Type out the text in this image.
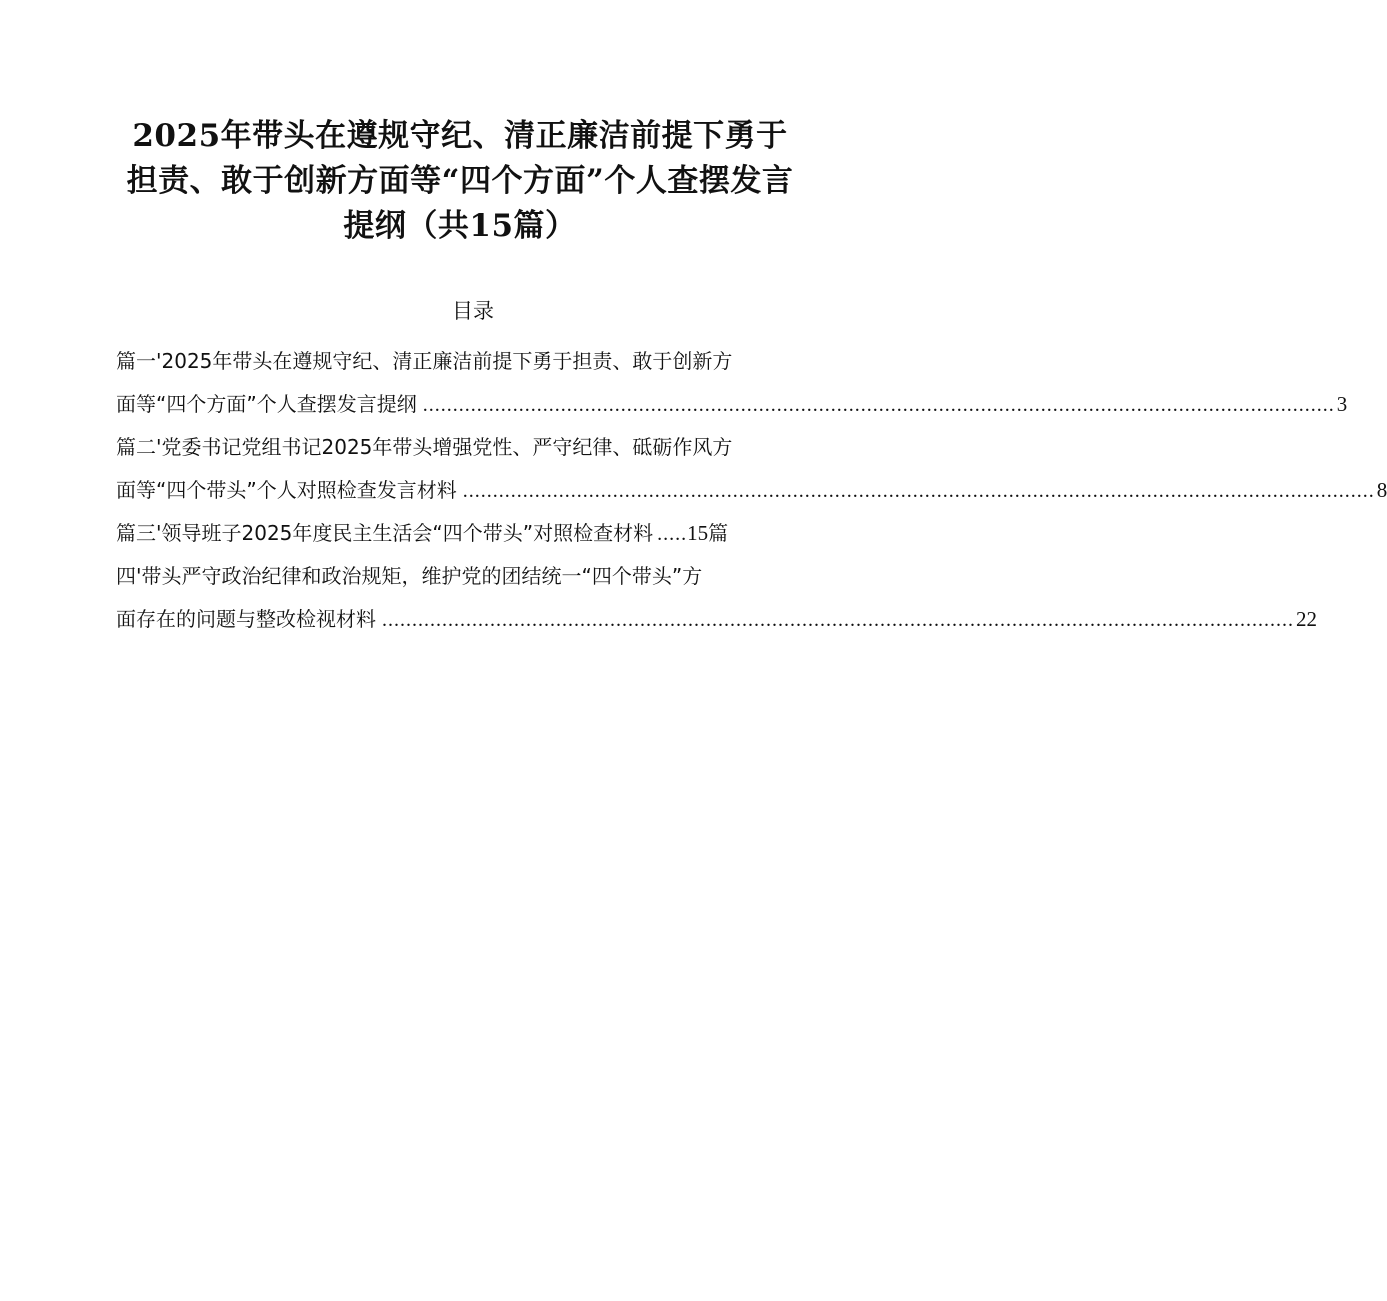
2025年带头在遵规守纪、清正廉洁前提下勇于
担责、敢于创新方面等“四个方面”个人查摆发言
提纲（共15篇）
目录
篇一'2025年带头在遵规守纪、清正廉洁前提下勇于担责、敢于创新方
面等“四个方面”个人查摆发言提纲 ........................................................................................................................................................ 3
篇二'党委书记党组书记2025年带头增强党性、严守纪律、砥砺作风方
面等“四个带头”个人对照检查发言材料 ........................................................................................................................................................ 8
篇三'领导班子2025年度民主生活会“四个带头”对照检查材料 .....15篇
四'带头严守政治纪律和政治规矩，维护党的团结统一“四个带头”方
面存在的问题与整改检视材料 ........................................................................................................................................................ 22
